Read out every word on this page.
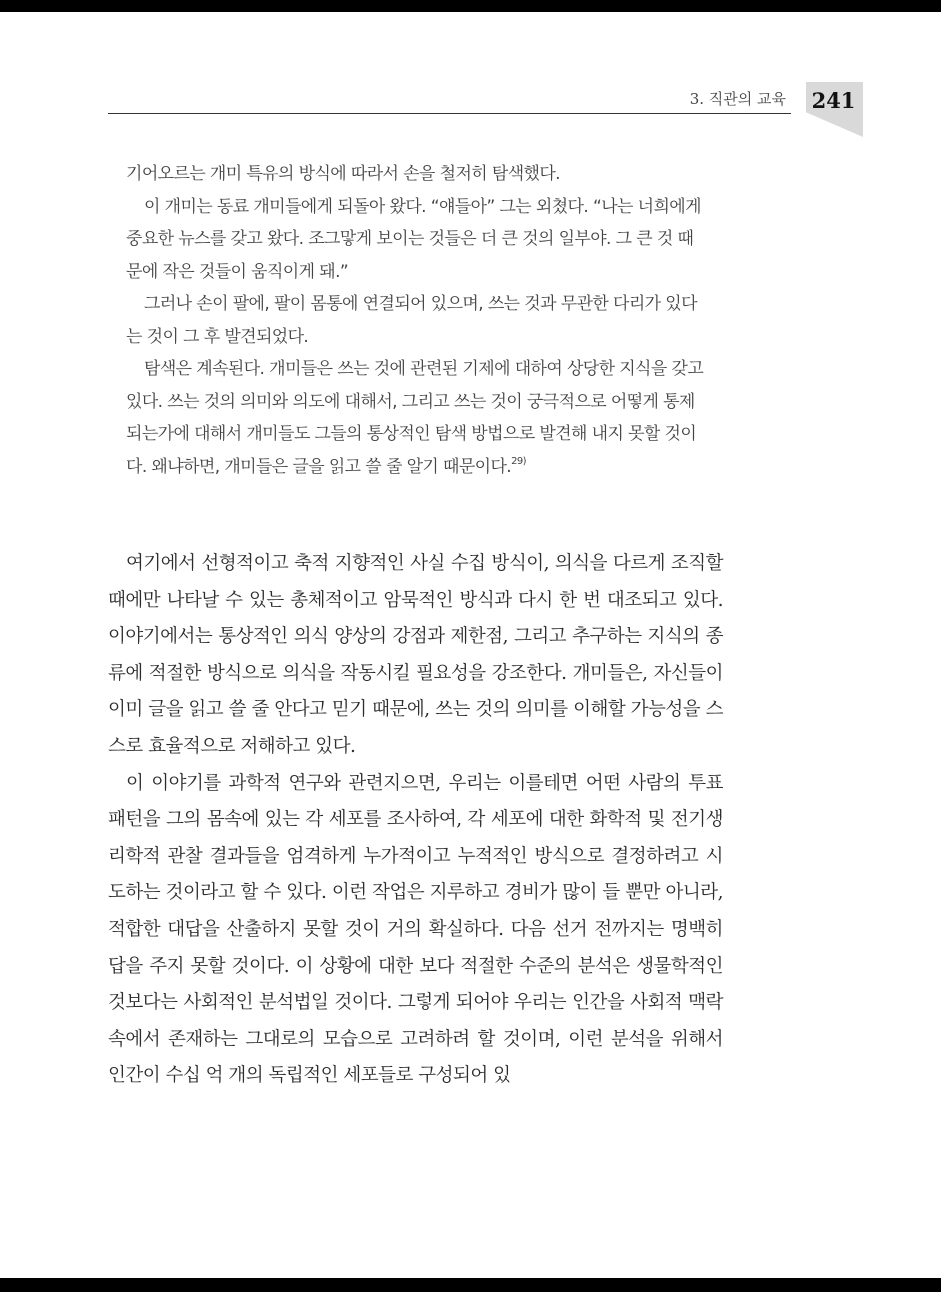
3. 직관의 교육 241

기어오르는 개미 특유의 방식에 따라서 손을 철저히 탐색했다.

이 개미는 동료 개미들에게 되돌아 왔다. “얘들아” 그는 외쳤다. “나는 너희에게 중요한 뉴스를 갖고 왔다. 조그맣게 보이는 것들은 더 큰 것의 일부야. 그 큰 것 때문에 작은 것들이 움직이게 돼.”

그러나 손이 팔에, 팔이 몸통에 연결되어 있으며, 쓰는 것과 무관한 다리가 있다는 것이 그 후 발견되었다.

탐색은 계속된다. 개미들은 쓰는 것에 관련된 기제에 대하여 상당한 지식을 갖고 있다. 쓰는 것의 의미와 의도에 대해서, 그리고 쓰는 것이 궁극적으로 어떻게 통제되는가에 대해서 개미들도 그들의 통상적인 탐색 방법으로 발견해 내지 못할 것이다. 왜냐하면, 개미들은 글을 읽고 쓸 줄 알기 때문이다.$^{29)}$

여기에서 선형적이고 축적 지향적인 사실 수집 방식이, 의식을 다르게 조직할 때에만 나타날 수 있는 총체적이고 암묵적인 방식과 다시 한 번 대조되고 있다. 이야기에서는 통상적인 의식 양상의 강점과 제한점, 그리고 추구하는 지식의 종류에 적절한 방식으로 의식을 작동시킬 필요성을 강조한다. 개미들은, 자신들이 이미 글을 읽고 쓸 줄 안다고 믿기 때문에, 쓰는 것의 의미를 이해할 가능성을 스스로 효율적으로 저해하고 있다.

이 이야기를 과학적 연구와 관련지으면, 우리는 이를테면 어떤 사람의 투표 패턴을 그의 몸속에 있는 각 세포를 조사하여, 각 세포에 대한 화학적 및 전기생리학적 관찰 결과들을 엄격하게 누가적이고 누적적인 방식으로 결정하려고 시도하는 것이라고 할 수 있다. 이런 작업은 지루하고 경비가 많이 들 뿐만 아니라, 적합한 대답을 산출하지 못할 것이 거의 확실하다. 다음 선거 전까지는 명백히 답을 주지 못할 것이다. 이 상황에 대한 보다 적절한 수준의 분석은 생물학적인 것보다는 사회적인 분석법일 것이다. 그렇게 되어야 우리는 인간을 사회적 맥락 속에서 존재하는 그대로의 모습으로 고려하려 할 것이며, 이런 분석을 위해서 인간이 수십 억 개의 독립적인 세포들로 구성되어 있
